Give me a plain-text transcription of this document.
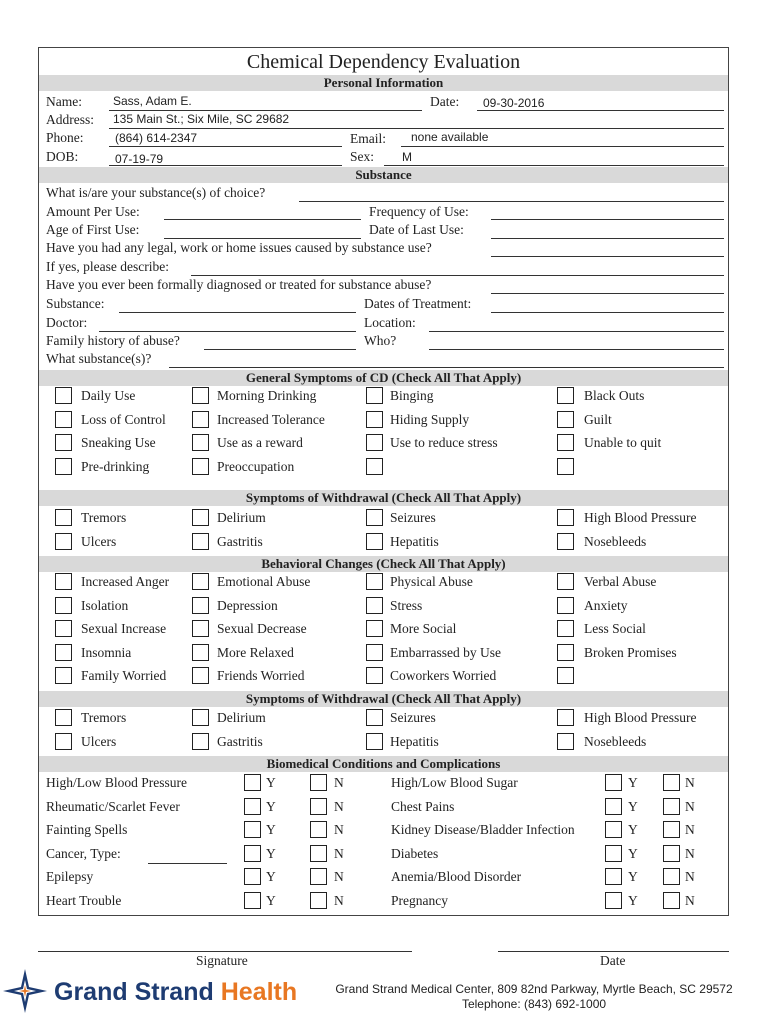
Chemical Dependency Evaluation
Personal Information
Name:	Sass, Adam E.	Date: 09-30-2016
Address: 135 Main St.; Six Mile, SC 29682
Phone:	(864) 614-2347	Email: none available
DOB:	07-19-79	Sex: M
Substance
What is/are your substance(s) of choice?
Amount Per Use:	Frequency of Use:
Age of First Use:	Date of Last Use:
Have you had any legal, work or home issues caused by substance use?
If yes, please describe:
Have you ever been formally diagnosed or treated for substance abuse?
Substance:	Dates of Treatment:
Doctor:	Location:
Family history of abuse?	Who?
What substance(s)?
General Symptoms of CD (Check All That Apply)
Daily Use	Morning Drinking	Binging	Black Outs
Loss of Control	Increased Tolerance	Hiding Supply	Guilt
Sneaking Use	Use as a reward	Use to reduce stress	Unable to quit
Pre-drinking	Preoccupation
Symptoms of Withdrawal (Check All That Apply)
Tremors	Delirium	Seizures	High Blood Pressure
Ulcers	Gastritis	Hepatitis	Nosebleeds
Behavioral Changes (Check All That Apply)
Increased Anger	Emotional Abuse	Physical Abuse	Verbal Abuse
Isolation	Depression	Stress	Anxiety
Sexual Increase	Sexual Decrease	More Social	Less Social
Insomnia	More Relaxed	Embarrassed by Use	Broken Promises
Family Worried	Friends Worried	Coworkers Worried
Symptoms of Withdrawal (Check All That Apply)
Tremors	Delirium	Seizures	High Blood Pressure
Ulcers	Gastritis	Hepatitis	Nosebleeds
Biomedical Conditions and Complications
High/Low Blood Pressure	Y	N
Rheumatic/Scarlet Fever	Y	N
Fainting Spells	Y	N
Cancer, Type:	Y	N
Epilepsy	Y	N
Heart Trouble	Y	N
High/Low Blood Sugar	Y	N
Chest Pains	Y	N
Kidney Disease/Bladder Infection	Y	N
Diabetes	Y	N
Anemia/Blood Disorder	Y	N
Pregnancy	Y	N
Signature	Date
Grand Strand Health	Grand Strand Medical Center, 809 82nd Parkway, Myrtle Beach, SC 29572
Telephone: (843) 692-1000
